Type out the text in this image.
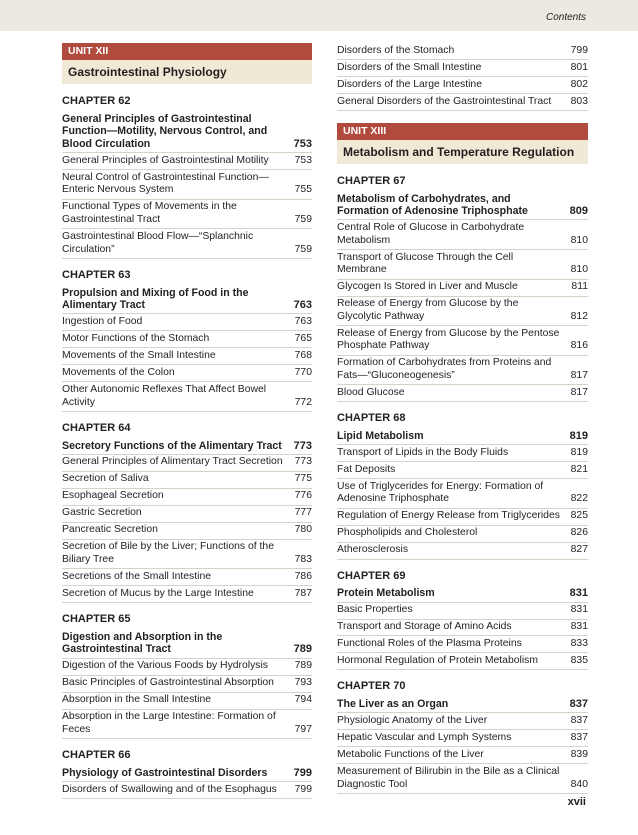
Contents
UNIT XII
Gastrointestinal Physiology
CHAPTER 62
General Principles of Gastrointestinal Function—Motility, Nervous Control, and Blood Circulation	753
General Principles of Gastrointestinal Motility	753
Neural Control of Gastrointestinal Function—Enteric Nervous System	755
Functional Types of Movements in the Gastrointestinal Tract	759
Gastrointestinal Blood Flow—“Splanchnic Circulation”	759
CHAPTER 63
Propulsion and Mixing of Food in the Alimentary Tract	763
Ingestion of Food	763
Motor Functions of the Stomach	765
Movements of the Small Intestine	768
Movements of the Colon	770
Other Autonomic Reflexes That Affect Bowel Activity	772
CHAPTER 64
Secretory Functions of the Alimentary Tract	773
General Principles of Alimentary Tract Secretion	773
Secretion of Saliva	775
Esophageal Secretion	776
Gastric Secretion	777
Pancreatic Secretion	780
Secretion of Bile by the Liver; Functions of the Biliary Tree	783
Secretions of the Small Intestine	786
Secretion of Mucus by the Large Intestine	787
CHAPTER 65
Digestion and Absorption in the Gastrointestinal Tract	789
Digestion of the Various Foods by Hydrolysis	789
Basic Principles of Gastrointestinal Absorption	793
Absorption in the Small Intestine	794
Absorption in the Large Intestine: Formation of Feces	797
CHAPTER 66
Physiology of Gastrointestinal Disorders	799
Disorders of Swallowing and of the Esophagus	799
Disorders of the Stomach	799
Disorders of the Small Intestine	801
Disorders of the Large Intestine	802
General Disorders of the Gastrointestinal Tract	803
UNIT XIII
Metabolism and Temperature Regulation
CHAPTER 67
Metabolism of Carbohydrates, and Formation of Adenosine Triphosphate	809
Central Role of Glucose in Carbohydrate Metabolism	810
Transport of Glucose Through the Cell Membrane	810
Glycogen Is Stored in Liver and Muscle	811
Release of Energy from Glucose by the Glycolytic Pathway	812
Release of Energy from Glucose by the Pentose Phosphate Pathway	816
Formation of Carbohydrates from Proteins and Fats—“Gluconeogenesis”	817
Blood Glucose	817
CHAPTER 68
Lipid Metabolism	819
Transport of Lipids in the Body Fluids	819
Fat Deposits	821
Use of Triglycerides for Energy: Formation of Adenosine Triphosphate	822
Regulation of Energy Release from Triglycerides	825
Phospholipids and Cholesterol	826
Atherosclerosis	827
CHAPTER 69
Protein Metabolism	831
Basic Properties	831
Transport and Storage of Amino Acids	831
Functional Roles of the Plasma Proteins	833
Hormonal Regulation of Protein Metabolism	835
CHAPTER 70
The Liver as an Organ	837
Physiologic Anatomy of the Liver	837
Hepatic Vascular and Lymph Systems	837
Metabolic Functions of the Liver	839
Measurement of Bilirubin in the Bile as a Clinical Diagnostic Tool	840
xvii
